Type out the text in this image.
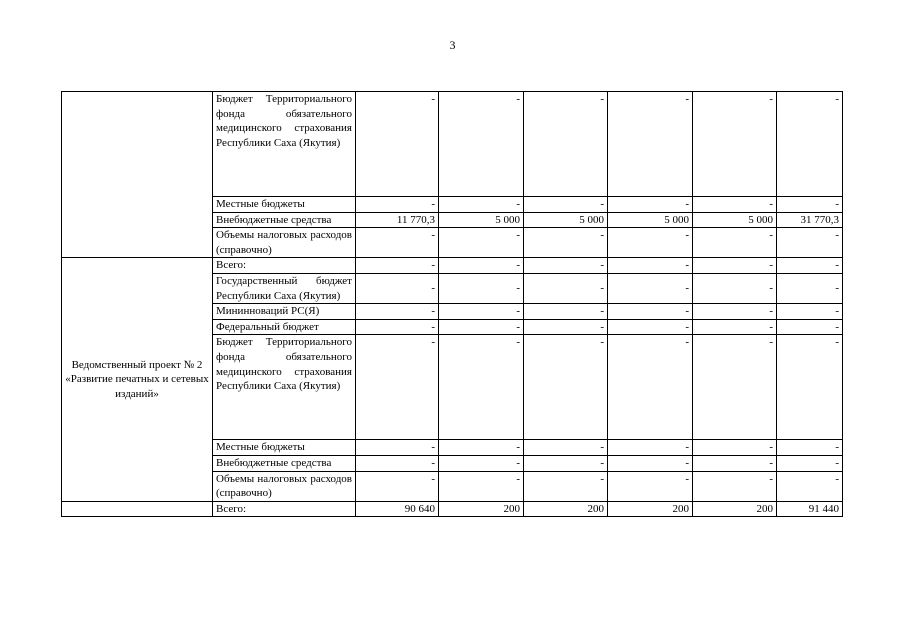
3
	Бюджет Территориального фонда обязательного медицинского страхования Республики Саха (Якутия)	-	-	-	-	-	-
	Местные бюджеты	-	-	-	-	-	-
	Внебюджетные средства	11 770,3	5 000	5 000	5 000	5 000	31 770,3
	Объемы налоговых расходов (справочно)	-	-	-	-	-	-
Ведомственный проект № 2 «Развитие печатных и сетевых изданий»	Всего:	-	-	-	-	-	-
	Государственный бюджет Республики Саха (Якутия)	-	-	-	-	-	-
	Мининноваций РС(Я)	-	-	-	-	-	-
	Федеральный бюджет	-	-	-	-	-	-
	Бюджет Территориального фонда обязательного медицинского страхования Республики Саха (Якутия)	-	-	-	-	-	-
	Местные бюджеты	-	-	-	-	-	-
	Внебюджетные средства	-	-	-	-	-	-
	Объемы налоговых расходов (справочно)	-	-	-	-	-	-
	Всего:	90 640	200	200	200	200	91 440
